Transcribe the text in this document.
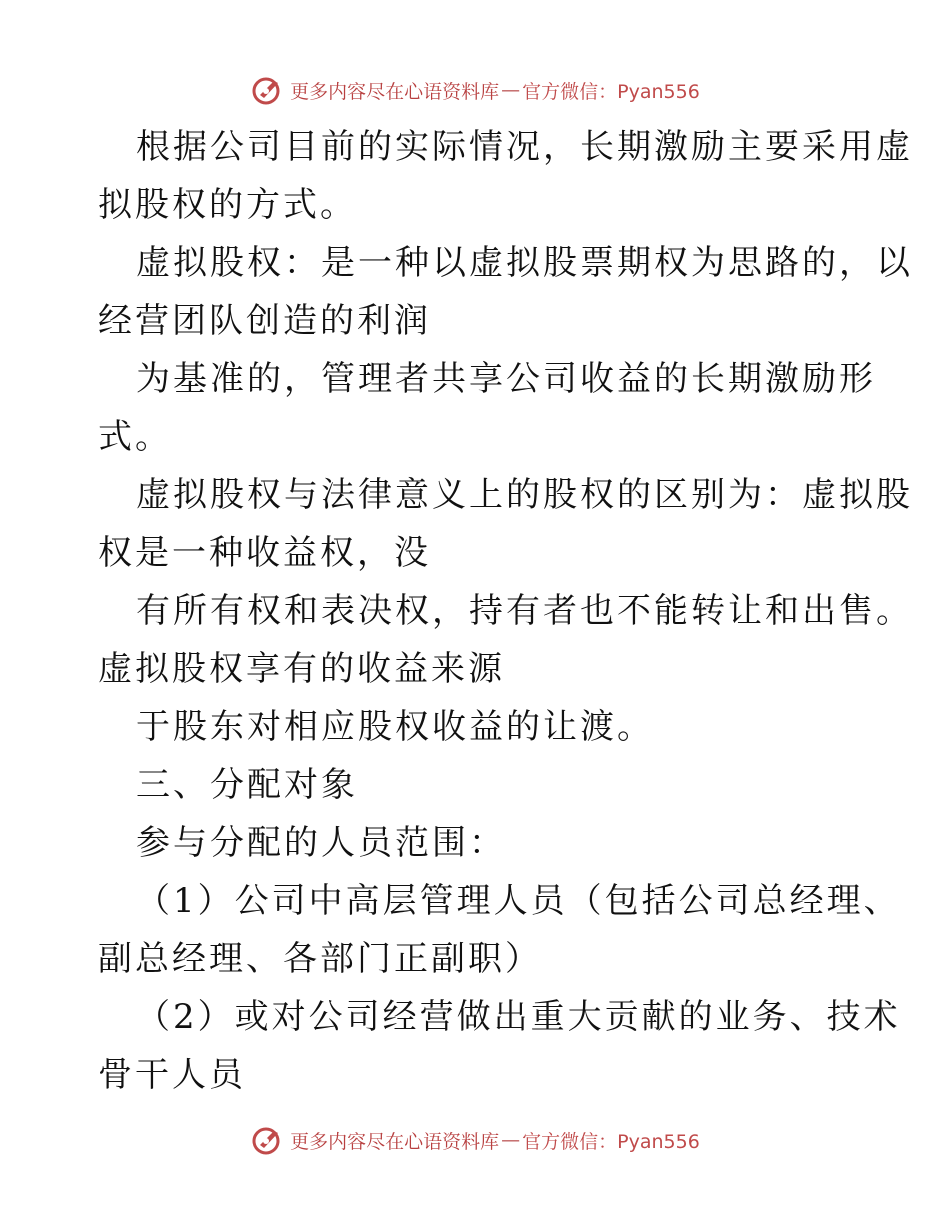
更多内容尽在心语资料库 — 官方微信：Pyan556
根据公司目前的实际情况，长期激励主要采用虚
拟股权的方式。
虚拟股权：是一种以虚拟股票期权为思路的，以
经营团队创造的利润
为基准的，管理者共享公司收益的长期激励形
式。
虚拟股权与法律意义上的股权的区别为：虚拟股
权是一种收益权，没
有所有权和表决权，持有者也不能转让和出售。
虚拟股权享有的收益来源
于股东对相应股权收益的让渡。
三、分配对象
参与分配的人员范围：
（1）公司中高层管理人员（包括公司总经理、
副总经理、各部门正副职）
（2）或对公司经营做出重大贡献的业务、技术
骨干人员
更多内容尽在心语资料库 — 官方微信：Pyan556
